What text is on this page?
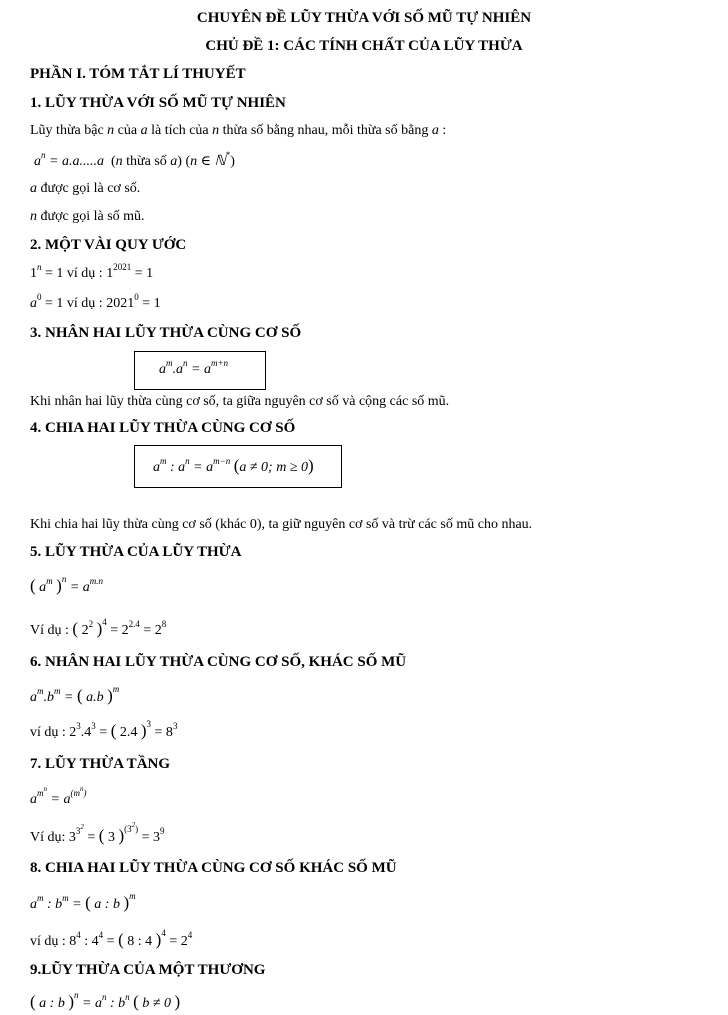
CHUYÊN ĐỀ LŨY THỪA VỚI SỐ MŨ TỰ NHIÊN
CHỦ ĐỀ 1: CÁC TÍNH CHẤT CỦA LŨY THỪA
PHẦN I. TÓM TẮT LÍ THUYẾT
1. LŨY THỪA VỚI SỐ MŨ TỰ NHIÊN
Lũy thừa bậc n của a là tích của n thừa số bằng nhau, mỗi thừa số bằng a :
$a^n = a.a.....a$ (n thừa số a) (n ∈ ℕ*)
a được gọi là cơ số.
n được gọi là số mũ.
2. MỘT VÀI QUY ƯỚC
$1^n = 1$ ví dụ : $1^{2021} = 1$
$a^0 = 1$ ví dụ : $2021^0 = 1$
3. NHÂN HAI LŨY THỪA CÙNG CƠ SỐ
$a^m.a^n = a^{m+n}$
Khi nhân hai lũy thừa cùng cơ số, ta giữa nguyên cơ số và cộng các số mũ.
4. CHIA HAI LŨY THỪA CÙNG CƠ SỐ
$a^m$ : $a^n = a^{m-n}$ (a ≠ 0; m ≥ 0)
Khi chia hai lũy thừa cùng cơ số (khác 0), ta giữ nguyên cơ số và trừ các số mũ cho nhau.
5. LŨY THỪA CỦA LŨY THỪA
( $a^m$ )$^n = a^{m.n}$
Ví dụ : ( $2^2$ )$^4 = 2^{2.4} = 2^8$
6. NHÂN HAI LŨY THỪA CÙNG CƠ SỐ, KHÁC SỐ MŨ
$a^m.b^m$ = ( a.b )$^m$
ví dụ : $2^3.4^3$ = ( 2.4 )$^3 = 8^3$
7. LŨY THỪA TẦNG
$a^{m^n} = a^{(m^n)}$
Ví dụ: $3^{3^2}$ = ( 3 )$^{(3^2)} = 3^9$
8. CHIA HAI LŨY THỪA CÙNG CƠ SỐ KHÁC SỐ MŨ
$a^m$ : $b^m$ = ( a : b )$^m$
ví dụ : $8^4$ : $4^4$ = ( 8 : 4 )$^4 = 2^4$
9.LŨY THỪA CỦA MỘT THƯƠNG
( a : b )$^n = a^n$ : $b^n$ ( b ≠ 0 )
